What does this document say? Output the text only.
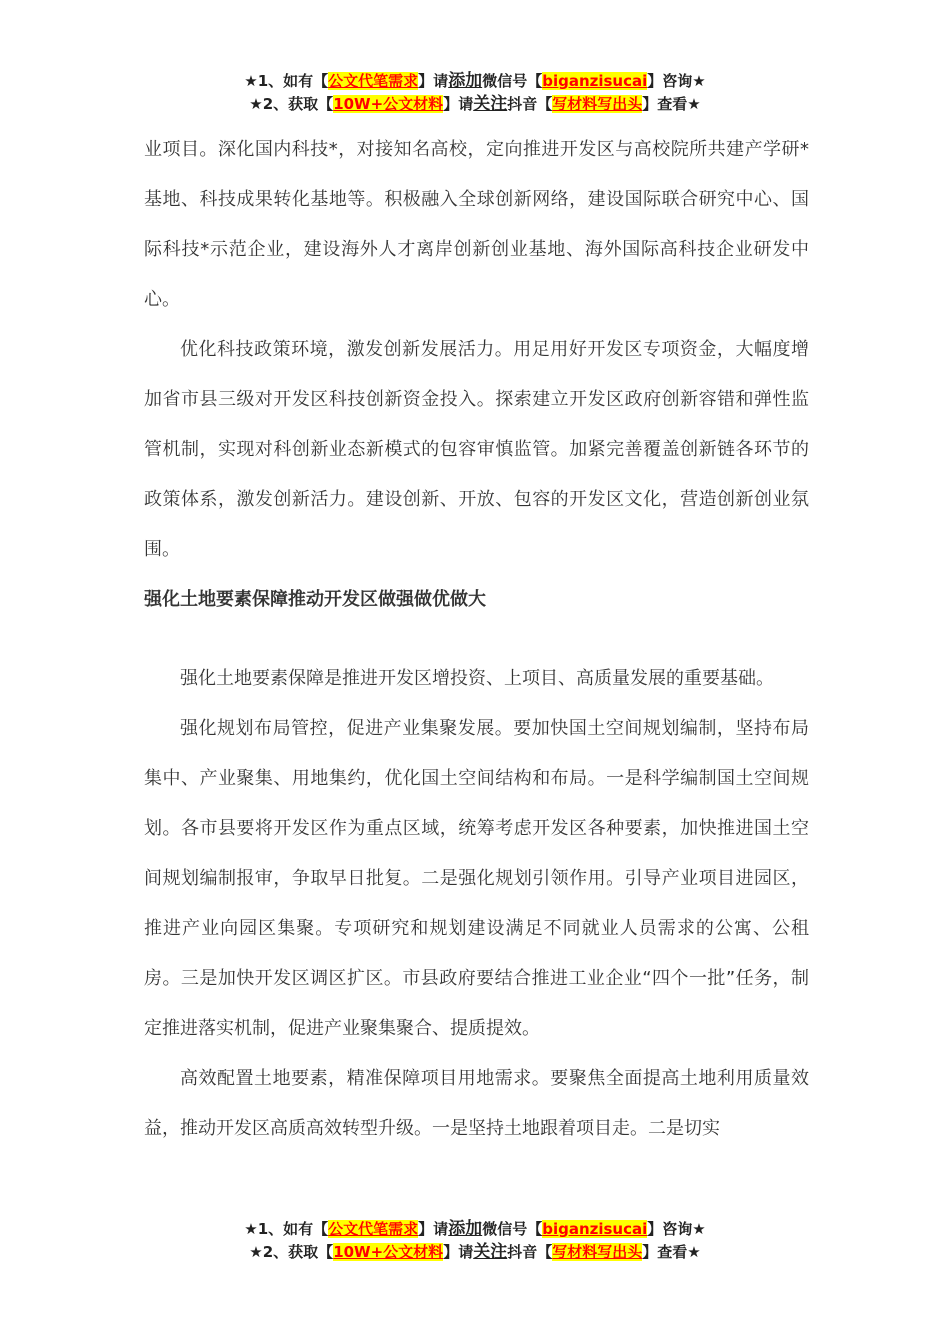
★1、如有【公文代笔需求】请添加微信号【biganzisucai】咨询★
★2、获取【10W+公文材料】请关注抖音【写材料写出头】查看★

业项目。深化国内科技*，对接知名高校，定向推进开发区与高校院所共建产学研*基地、科技成果转化基地等。积极融入全球创新网络，建设国际联合研究中心、国际科技*示范企业，建设海外人才离岸创新创业基地、海外国际高科技企业研发中心。

优化科技政策环境，激发创新发展活力。用足用好开发区专项资金，大幅度增加省市县三级对开发区科技创新资金投入。探索建立开发区政府创新容错和弹性监管机制，实现对科创新业态新模式的包容审慎监管。加紧完善覆盖创新链各环节的政策体系，激发创新活力。建设创新、开放、包容的开发区文化，营造创新创业氛围。

强化土地要素保障推动开发区做强做优做大

强化土地要素保障是推进开发区增投资、上项目、高质量发展的重要基础。

强化规划布局管控，促进产业集聚发展。要加快国土空间规划编制，坚持布局集中、产业聚集、用地集约，优化国土空间结构和布局。一是科学编制国土空间规划。各市县要将开发区作为重点区域，统筹考虑开发区各种要素，加快推进国土空间规划编制报审，争取早日批复。二是强化规划引领作用。引导产业项目进园区，推进产业向园区集聚。专项研究和规划建设满足不同就业人员需求的公寓、公租房。三是加快开发区调区扩区。市县政府要结合推进工业企业“四个一批”任务，制定推进落实机制，促进产业聚集聚合、提质提效。

高效配置土地要素，精准保障项目用地需求。要聚焦全面提高土地利用质量效益，推动开发区高质高效转型升级。一是坚持土地跟着项目走。二是切实

★1、如有【公文代笔需求】请添加微信号【biganzisucai】咨询★
★2、获取【10W+公文材料】请关注抖音【写材料写出头】查看★
